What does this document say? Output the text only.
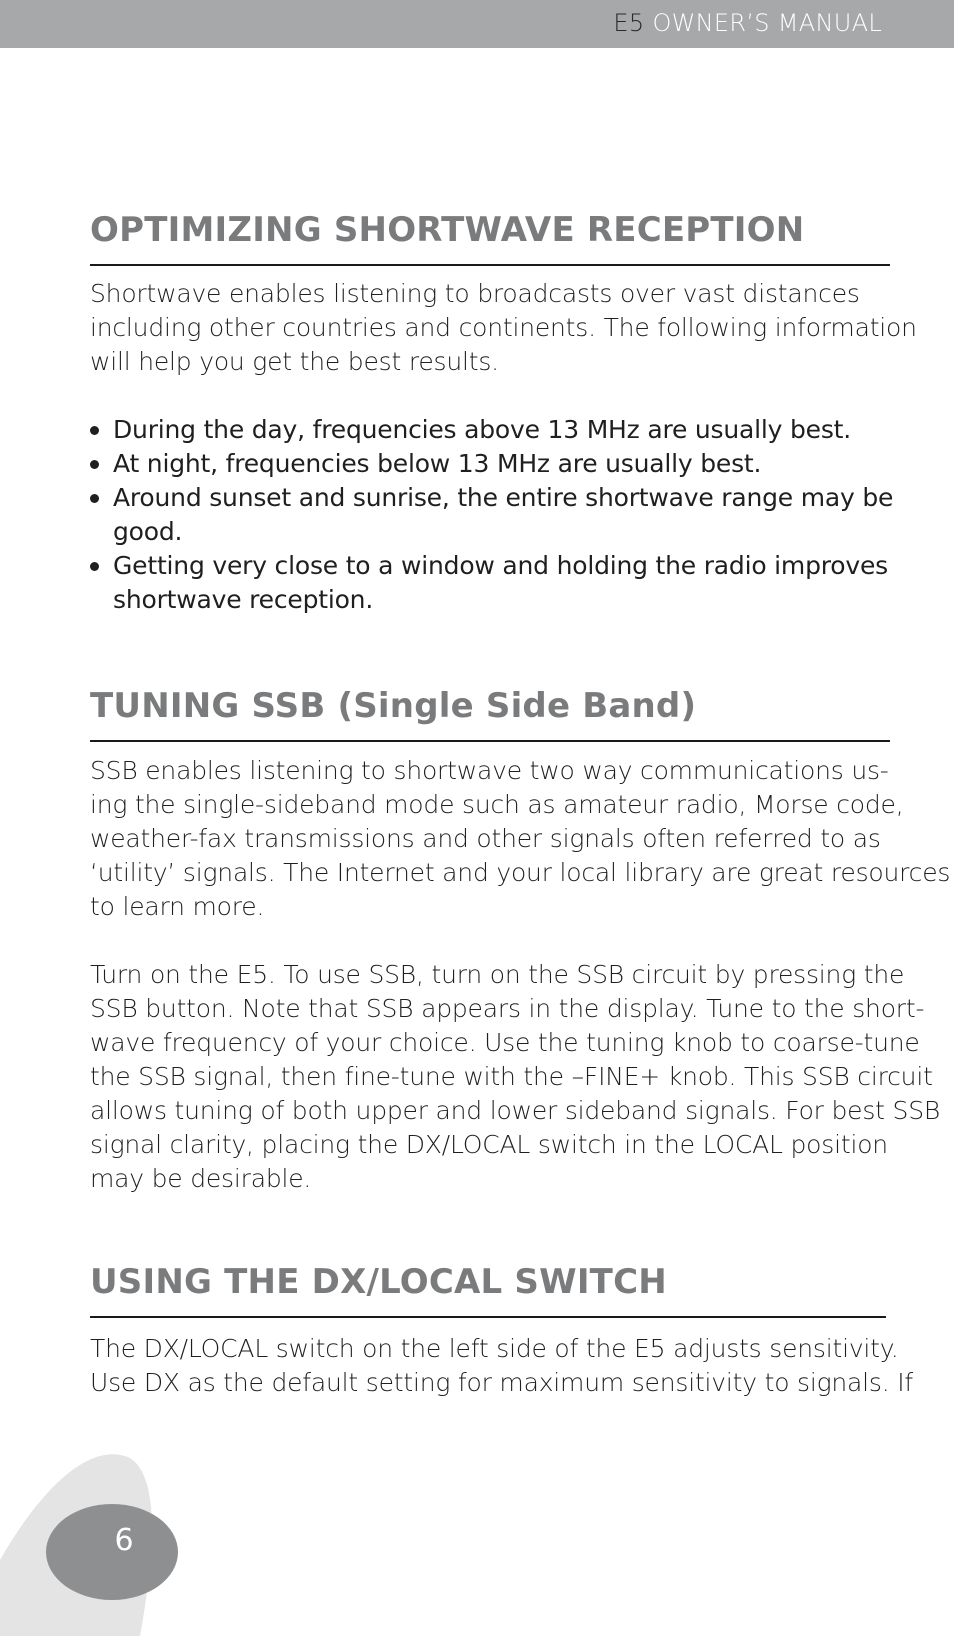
E5 OWNER’S MANUAL
OPTIMIZING SHORTWAVE RECEPTION

Shortwave enables listening to broadcasts over vast distances
including other countries and continents. The following information
will help you get the best results.

During the day, frequencies above 13 MHz are usually best.
At night, frequencies below 13 MHz are usually best.
Around sunset and sunrise, the entire shortwave range may be
good.
Getting very close to a window and holding the radio improves
shortwave reception.
TUNING SSB (Single Side Band)

SSB enables listening to shortwave two way communications us-
ing the single-sideband mode such as amateur radio, Morse code,
weather-fax transmissions and other signals often referred to as
‘utility’ signals. The Internet and your local library are great resources
to learn more.

Turn on the E5. To use SSB, turn on the SSB circuit by pressing the
SSB button. Note that SSB appears in the display. Tune to the short-
wave frequency of your choice. Use the tuning knob to coarse-tune
the SSB signal, then fine-tune with the –FINE+ knob. This SSB circuit
allows tuning of both upper and lower sideband signals. For best SSB
signal clarity, placing the DX/LOCAL switch in the LOCAL position
may be desirable.

USING THE DX/LOCAL SWITCH

The DX/LOCAL switch on the left side of the E5 adjusts sensitivity.
Use DX as the default setting for maximum sensitivity to signals. If

6
